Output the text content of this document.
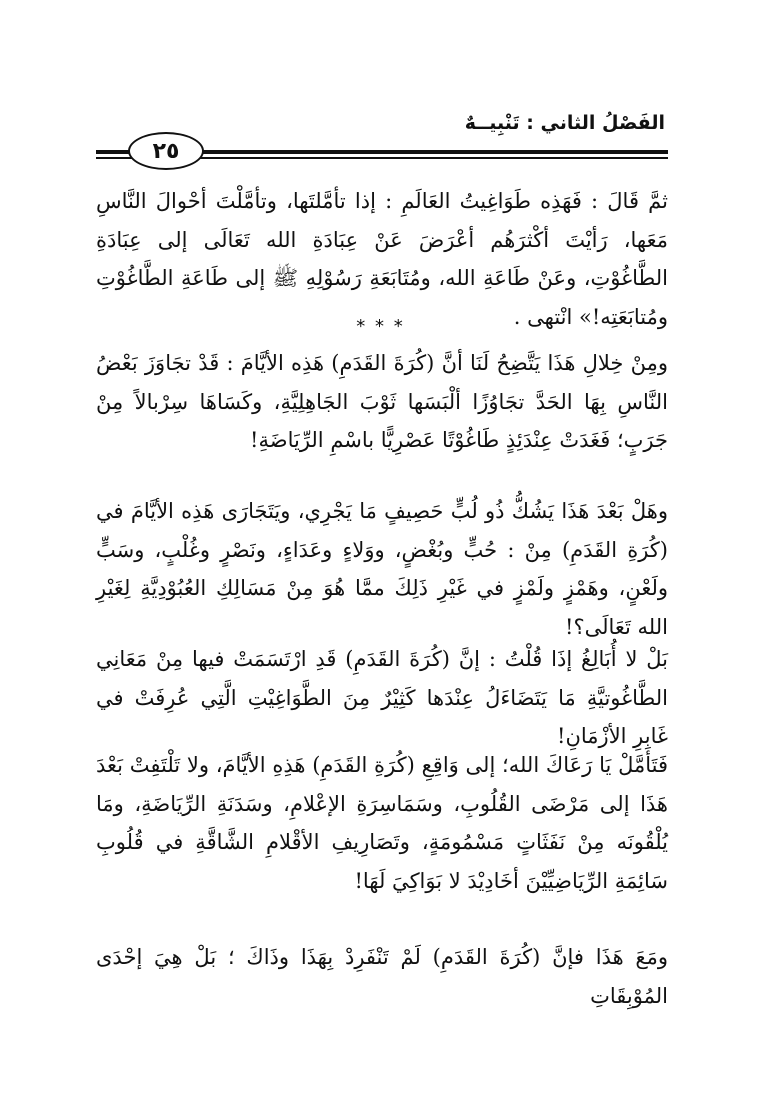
الفَصْلُ الثاني : تَنْبِيــهٌ
٢٥

ثمَّ قَالَ : فَهَذِه طَوَاغِيتُ العَالَمِ : إذا تأمَّلتَها، وتأمَّلْتَ أحْوالَ النَّاسِ مَعَها، رَأيْتَ أكْثرَهُم أعْرَضَ عَنْ عِبَادَةِ الله تَعَالَى إلى عِبَادَةِ الطَّاغُوْتِ، وعَنْ طَاعَةِ الله، ومُتَابَعَةِ رَسُوْلِهِ ﷺ إلى طَاعَةِ الطَّاغُوْتِ ومُتابَعَتِه!» انْتهى .

* * *

ومِنْ خِلالِ هَذَا يَتَّضِحُ لَنَا أنَّ (كُرَةَ القَدَمِ) هَذِه الأيَّامَ : قَدْ تجَاوَزَ بَعْضُ النَّاسِ بِهَا الحَدَّ تجَاوُزًا ألْبَسَها ثَوْبَ الجَاهِلِيَّةِ، وكَسَاهَا سِرْبالاً مِنْ جَرَبٍ؛ فَغَدَتْ عِنْدَئِذٍ طَاغُوْتًا عَصْرِيًّا باسْمِ الرِّيَاضَةِ!

وهَلْ بَعْدَ هَذَا يَشُكُّ ذُو لُبٍّ حَصِيفٍ مَا يَجْرِي، ويَتَجَارَى هَذِه الأيَّامَ في (كُرَةِ القَدَمِ) مِنْ : حُبٍّ وبُغْضٍ، ووَلاءٍ وعَدَاءٍ، ونَصْرٍ وغُلْبٍ، وسَبٍّ ولَعْنٍ، وهَمْزٍ ولَمْزٍ في غَيْرِ ذَلِكَ ممَّا هُوَ مِنْ مَسَالِكِ العُبُوْدِيَّةِ لِغَيْرِ الله تَعَالَى؟!

بَلْ لا أُبَالِغُ إذَا قُلْتُ : إنَّ (كُرَةَ القَدَمِ) قَدِ ارْتَسَمَتْ فيها مِنْ مَعَانِي الطَّاغُوتيَّةِ مَا يَتَضَاءَلُ عِنْدَها كَثِيْرٌ مِنَ الطَّوَاغِيْتِ الَّتِي عُرِفَتْ في غَابِرِ الأزْمَانِ!

فَتَأمَّلْ يَا رَعَاكَ الله؛ إلى وَاقِعِ (كُرَةِ القَدَمِ) هَذِهِ الأيَّامَ، ولا تَلْتَفِتْ بَعْدَ هَذَا إلى مَرْضَى القُلُوبِ، وسَمَاسِرَةِ الإعْلامِ، وسَدَنَةِ الرِّيَاضَةِ، ومَا يُلْقُونَه مِنْ نَفَثَاتٍ مَسْمُومَةٍ، وتَصَارِيفِ الأقْلامِ الشَّاقَّةِ في قُلُوبِ سَائِمَةِ الرِّيَاضِيِّيْنَ أخَادِيْدَ لا بَوَاكِيَ لَهَا!

ومَعَ هَذَا فإنَّ (كُرَةَ القَدَمِ) لَمْ تَنْفَرِدْ بِهَذَا وذَاكَ ؛ بَلْ هِيَ إحْدَى المُوْبِقَاتِ
